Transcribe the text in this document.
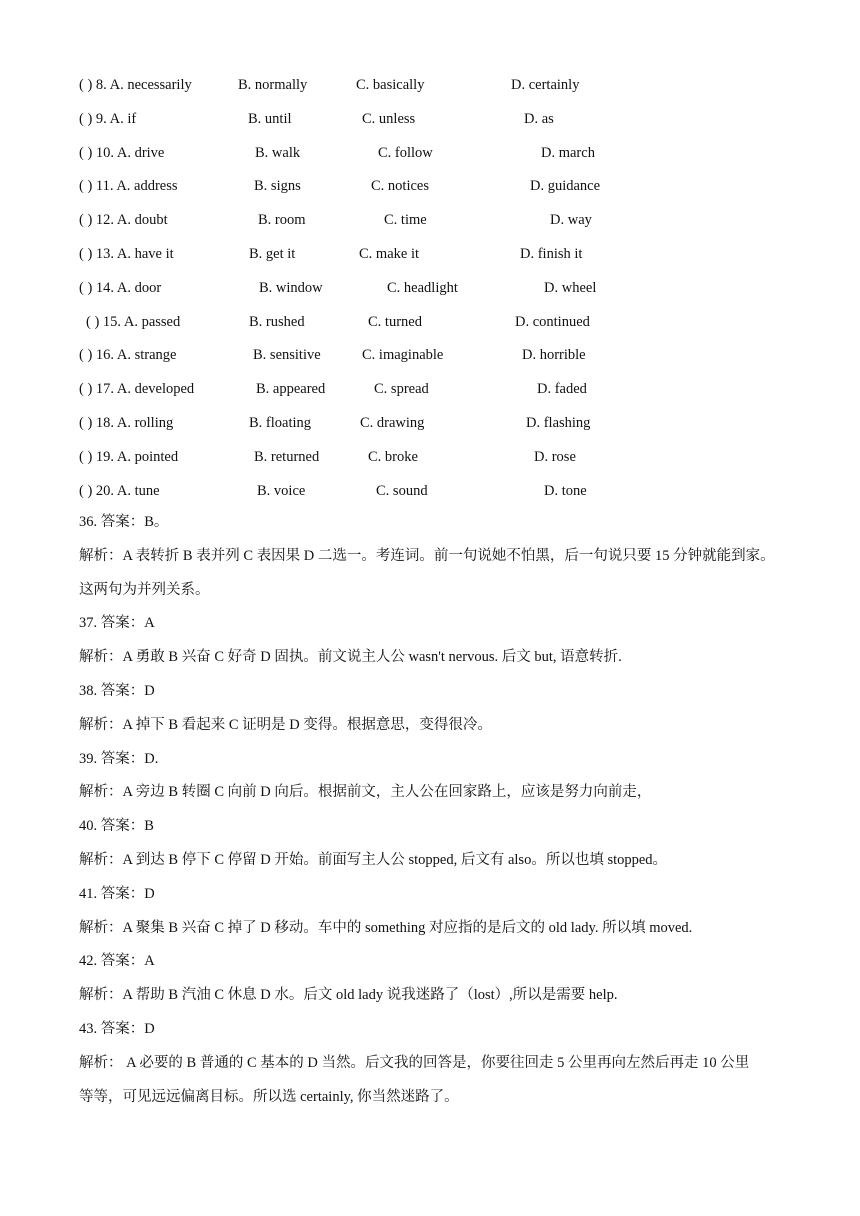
( ) 8. A. necessarily	B. normally	C. basically	D. certainly
( ) 9. A. if	B. until	C. unless	D. as
( ) 10. A. drive	B. walk	C. follow	D. march
( ) 11. A. address	B. signs	C. notices	D. guidance
( ) 12. A. doubt	B. room	C. time	D. way
( ) 13. A. have it	B. get it	C. make it	D. finish it
( ) 14. A. door	B. window	C. headlight	D. wheel
( ) 15. A. passed	B. rushed	C. turned	D. continued
( ) 16. A. strange	B. sensitive	C. imaginable	D. horrible
( ) 17. A. developed	B. appeared	C. spread	D. faded
( ) 18. A. rolling	B. floating	C. drawing	D. flashing
( ) 19. A. pointed	B. returned	C. broke	D. rose
( ) 20. A. tune	B. voice	C. sound	D. tone
36. 答案：B。
解析：A 表转折 B 表并列 C 表因果 D 二选一。考连词。前一句说她不怕黑，后一句说只要 15 分钟就能到家。
这两句为并列关系。
37. 答案：A
解析：A 勇敢 B 兴奋 C 好奇 D 固执。前文说主人公 wasn't nervous. 后文 but, 语意转折.
38. 答案：D
解析：A 掉下 B 看起来 C 证明是 D 变得。根据意思，变得很冷。
39. 答案：D.
解析：A 旁边 B 转圈 C 向前 D 向后。根据前文，主人公在回家路上，应该是努力向前走，
40. 答案：B
解析：A 到达 B 停下 C 停留 D 开始。前面写主人公 stopped, 后文有 also。所以也填 stopped。
41. 答案：D
解析：A 聚集 B 兴奋 C 掉了 D 移动。车中的 something 对应指的是后文的 old lady. 所以填 moved.
42. 答案：A
解析：A 帮助 B 汽油 C 休息 D 水。后文 old lady 说我迷路了（lost）,所以是需要 help.
43. 答案：D
解析： A 必要的 B 普通的 C 基本的 D 当然。后文我的回答是，你要往回走 5 公里再向左然后再走 10 公里
等等，可见远远偏离目标。所以选 certainly, 你当然迷路了。
